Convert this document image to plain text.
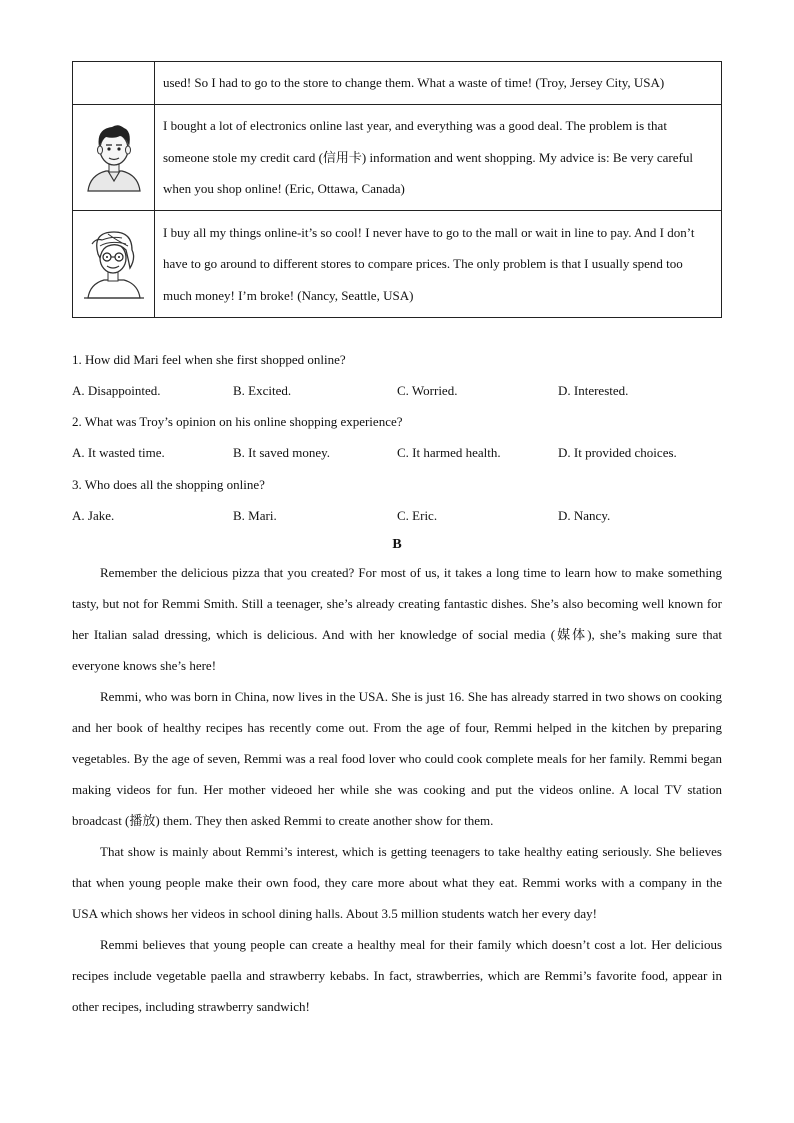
	used! So I had to go to the store to change them. What a waste of time! (Troy, Jersey City, USA)
	I bought a lot of electronics online last year, and everything was a good deal. The problem is that someone stole my credit card (信用卡) information and went shopping. My advice is: Be very careful when you shop online! (Eric, Ottawa, Canada)
	I buy all my things online-it’s so cool! I never have to go to the mall or wait in line to pay. And I don’t have to go around to different stores to compare prices. The only problem is that I usually spend too much money! I’m broke! (Nancy, Seattle, USA)
1. How did Mari feel when she first shopped online?
A. Disappointed.	B. Excited.	C. Worried.	D. Interested.
2. What was Troy’s opinion on his online shopping experience?
A. It wasted time.	B. It saved money.	C. It harmed health.	D. It provided choices.
3. Who does all the shopping online?
A. Jake.	B. Mari.	C. Eric.	D. Nancy.
B

Remember the delicious pizza that you created? For most of us, it takes a long time to learn how to make something tasty, but not for Remmi Smith. Still a teenager, she’s already creating fantastic dishes. She’s also becoming well known for her Italian salad dressing, which is delicious. And with her knowledge of social media (媒体), she’s making sure that everyone knows she’s here!

Remmi, who was born in China, now lives in the USA. She is just 16. She has already starred in two shows on cooking and her book of healthy recipes has recently come out. From the age of four, Remmi helped in the kitchen by preparing vegetables. By the age of seven, Remmi was a real food lover who could cook complete meals for her family. Remmi began making videos for fun. Her mother videoed her while she was cooking and put the videos online. A local TV station broadcast (播放) them. They then asked Remmi to create another show for them.

That show is mainly about Remmi’s interest, which is getting teenagers to take healthy eating seriously. She believes that when young people make their own food, they care more about what they eat. Remmi works with a company in the USA which shows her videos in school dining halls. About 3.5 million students watch her every day!

Remmi believes that young people can create a healthy meal for their family which doesn’t cost a lot. Her delicious recipes include vegetable paella and strawberry kebabs. In fact, strawberries, which are Remmi’s favorite food, appear in other recipes, including strawberry sandwich!
